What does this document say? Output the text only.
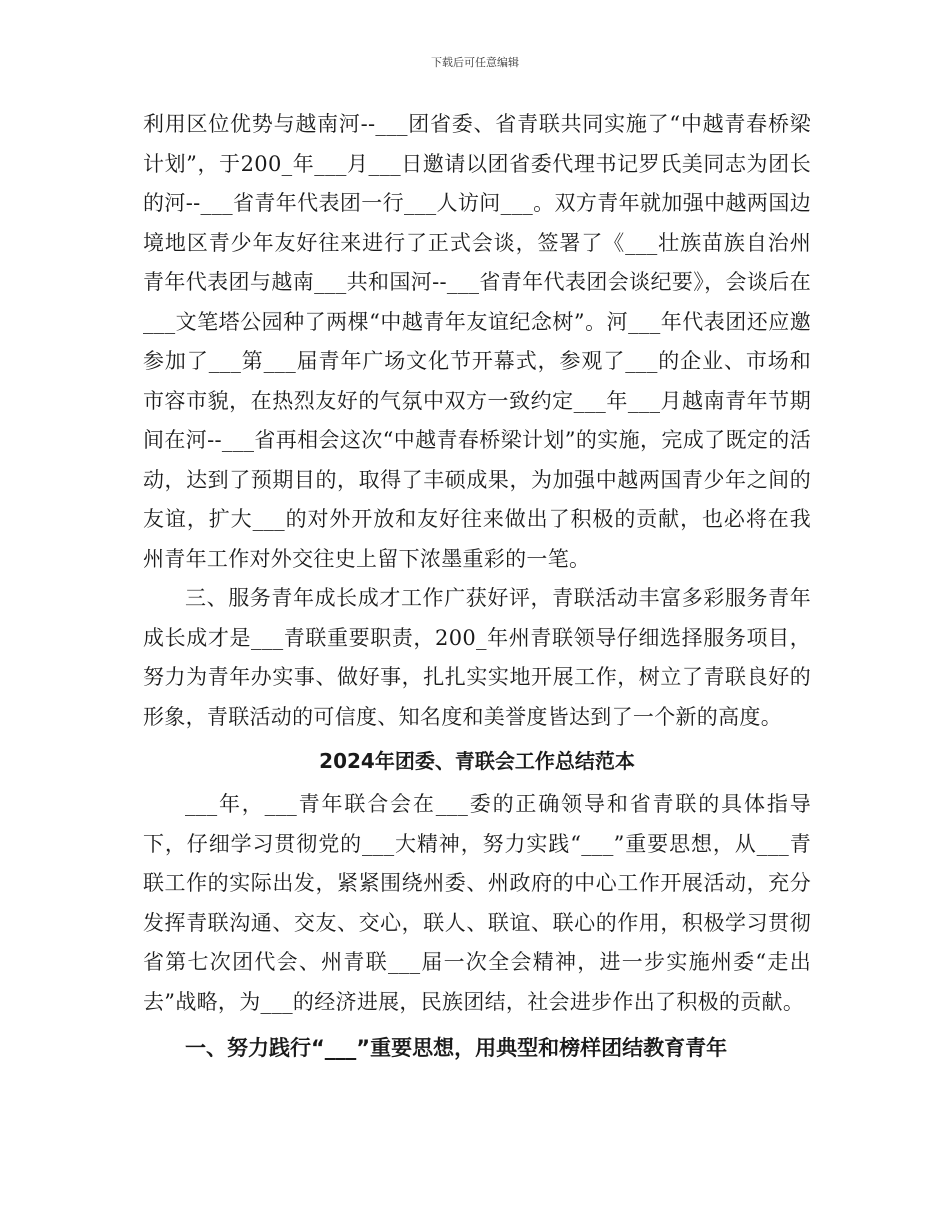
下载后可任意编辑

利用区位优势与越南河--___团省委、省青联共同实施了“中越青春桥梁计划”，于200_年___月___日邀请以团省委代理书记罗氏美同志为团长的河--___省青年代表团一行___人访问___。双方青年就加强中越两国边境地区青少年友好往来进行了正式会谈，签署了《___壮族苗族自治州青年代表团与越南___共和国河--___省青年代表团会谈纪要》，会谈后在___文笔塔公园种了两棵“中越青年友谊纪念树”。河___年代表团还应邀参加了___第___届青年广场文化节开幕式，参观了___的企业、市场和市容市貌，在热烈友好的气氛中双方一致约定___年___月越南青年节期间在河--___省再相会这次“中越青春桥梁计划”的实施，完成了既定的活动，达到了预期目的，取得了丰硕成果，为加强中越两国青少年之间的友谊，扩大___的对外开放和友好往来做出了积极的贡献，也必将在我州青年工作对外交往史上留下浓墨重彩的一笔。

三、服务青年成长成才工作广获好评，青联活动丰富多彩服务青年成长成才是___青联重要职责，200_年州青联领导仔细选择服务项目，努力为青年办实事、做好事，扎扎实实地开展工作，树立了青联良好的形象，青联活动的可信度、知名度和美誉度皆达到了一个新的高度。

2024年团委、青联会工作总结范本

___年，___青年联合会在___委的正确领导和省青联的具体指导下，仔细学习贯彻党的___大精神，努力实践“___”重要思想，从___青联工作的实际出发，紧紧围绕州委、州政府的中心工作开展活动，充分发挥青联沟通、交友、交心，联人、联谊、联心的作用，积极学习贯彻省第七次团代会、州青联___届一次全会精神，进一步实施州委“走出去”战略，为___的经济进展，民族团结，社会进步作出了积极的贡献。

一、努力践行“___”重要思想，用典型和榜样团结教育青年
